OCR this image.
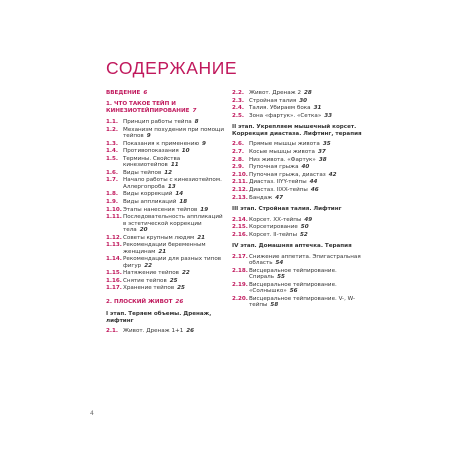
СОДЕРЖАНИЕ
ВВЕДЕНИЕ 6
1. ЧТО ТАКОЕ ТЕЙП И КИНЕЗИОТЕЙПИРОВАНИЕ 7
1.1. Принцип работы тейпа 8
1.2. Механизм похудения при помощи тейпов 9
1.3. Показания к применению 9
1.4. Противопоказания 10
1.5. Термины. Свойства кинезиотейпов 11
1.6. Виды тейпов 12
1.7. Начало работы с кинезиотейпом. Аллергопроба 13
1.8. Виды коррекций 14
1.9. Виды аппликаций 18
1.10. Этапы нанесения тейпов 19
1.11. Последовательность аппликаций в эстетической коррекции тела 20
1.12. Советы крупным людям 21
1.13. Рекомендации беременным женщинам 21
1.14. Рекомендации для разных типов фигур 22
1.15. Натяжение тейпов 22
1.16. Снятие тейпов 25
1.17. Хранение тейпов 25
2. ПЛОСКИЙ ЖИВОТ 26
I этап. Теряем объемы. Дренаж, лифтинг
2.1. Живот. Дренаж 1+1 26
2.2. Живот. Дренаж 2 28
2.3. Стройная талия 30
2.4. Талия. Убираем бока 31
2.5. Зона «фартук». «Сетка» 33
II этап. Укрепляем мышечный корсет. Коррекция диастаза. Лифтинг, терапия
2.6. Прямые мышцы живота 35
2.7. Косые мышцы живота 37
2.8. Низ живота. «Фартук» 38
2.9. Пупочная грыжа 40
2.10. Пупочная грыжа, диастаз 42
2.11. Диастаз. IIYY-тейпы 44
2.12. Диастаз. IIXX-тейпы 46
2.13. Бандаж 47
III этап. Стройная талия. Лифтинг
2.14. Корсет. ХХ-тейпы 49
2.15. Корсетирование 50
2.16. Корсет. II-тейпы 52
IV этап. Домашняя аптечка. Терапия
2.17. Снижение аппетита. Эпигастральная область 54
2.18. Висцеральное тейпирование. Спираль 55
2.19. Висцеральное тейпирование. «Солнышко» 56
2.20. Висцеральное тейпирование. V-, W-тейпы 58
4
